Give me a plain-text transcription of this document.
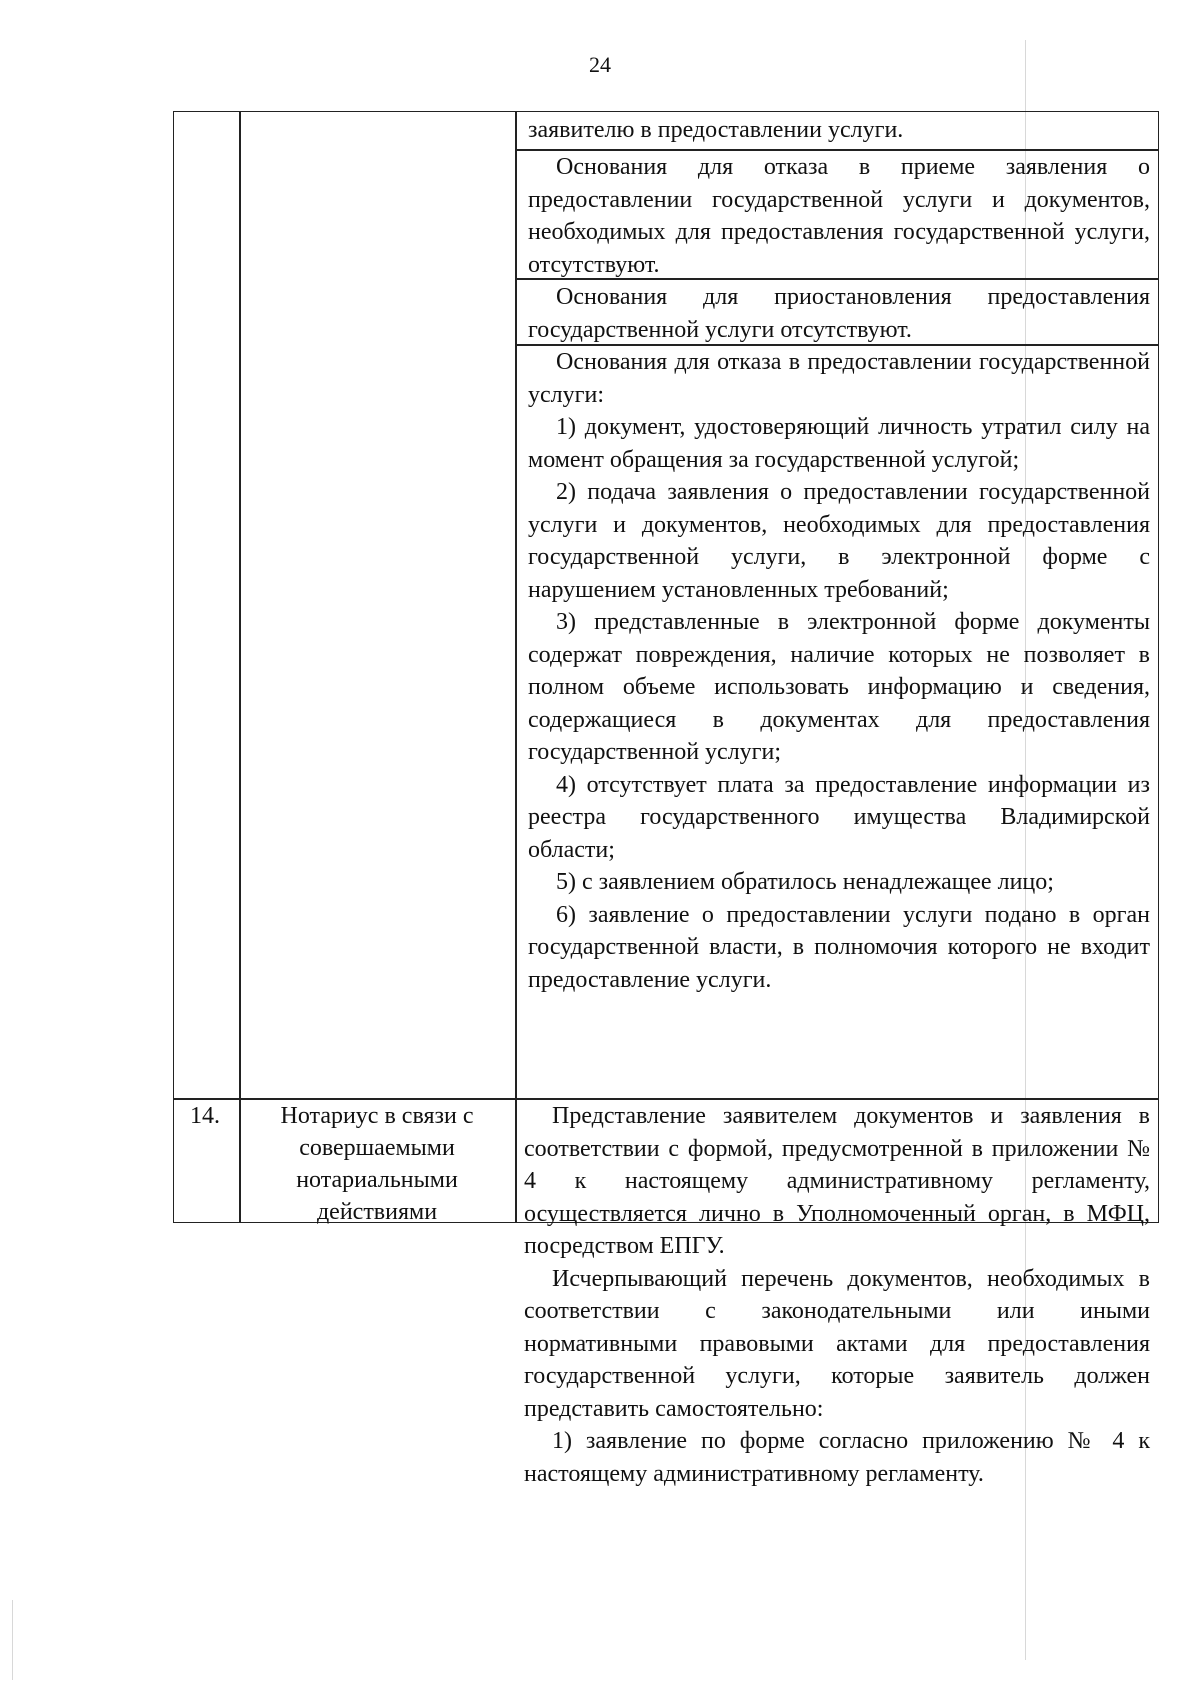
24

заявителю в предоставлении услуги.

Основания для отказа в приеме заявления о предоставлении государственной услуги и документов, необходимых для предоставления государственной услуги, отсутствуют.

Основания для приостановления предоставления государственной услуги отсутствуют.

Основания для отказа в предоставлении государственной услуги:

1) документ, удостоверяющий личность утратил силу на момент обращения за государственной услугой;

2) подача заявления о предоставлении государственной услуги и документов, необходимых для предоставления государственной услуги, в электронной форме с нарушением установленных требований;

3) представленные в электронной форме документы содержат повреждения, наличие которых не позволяет в полном объеме использовать информацию и сведения, содержащиеся в документах для предоставления государственной услуги;

4) отсутствует плата за предоставление информации из реестра государственного имущества Владимирской области;

5) с заявлением обратилось ненадлежащее лицо;

6) заявление о предоставлении услуги подано в орган государственной власти, в полномочия которого не входит предоставление услуги.

14.	Нотариус в связи с совершаемыми нотариальными действиями

Представление заявителем документов и заявления в соответствии с формой, предусмотренной в приложении № 4 к настоящему административному регламенту, осуществляется лично в Уполномоченный орган, в МФЦ, посредством ЕПГУ.

Исчерпывающий перечень документов, необходимых в соответствии с законодательными или иными нормативными правовыми актами для предоставления государственной услуги, которые заявитель должен представить самостоятельно:

1) заявление по форме согласно приложению № 4 к настоящему административному регламенту.
